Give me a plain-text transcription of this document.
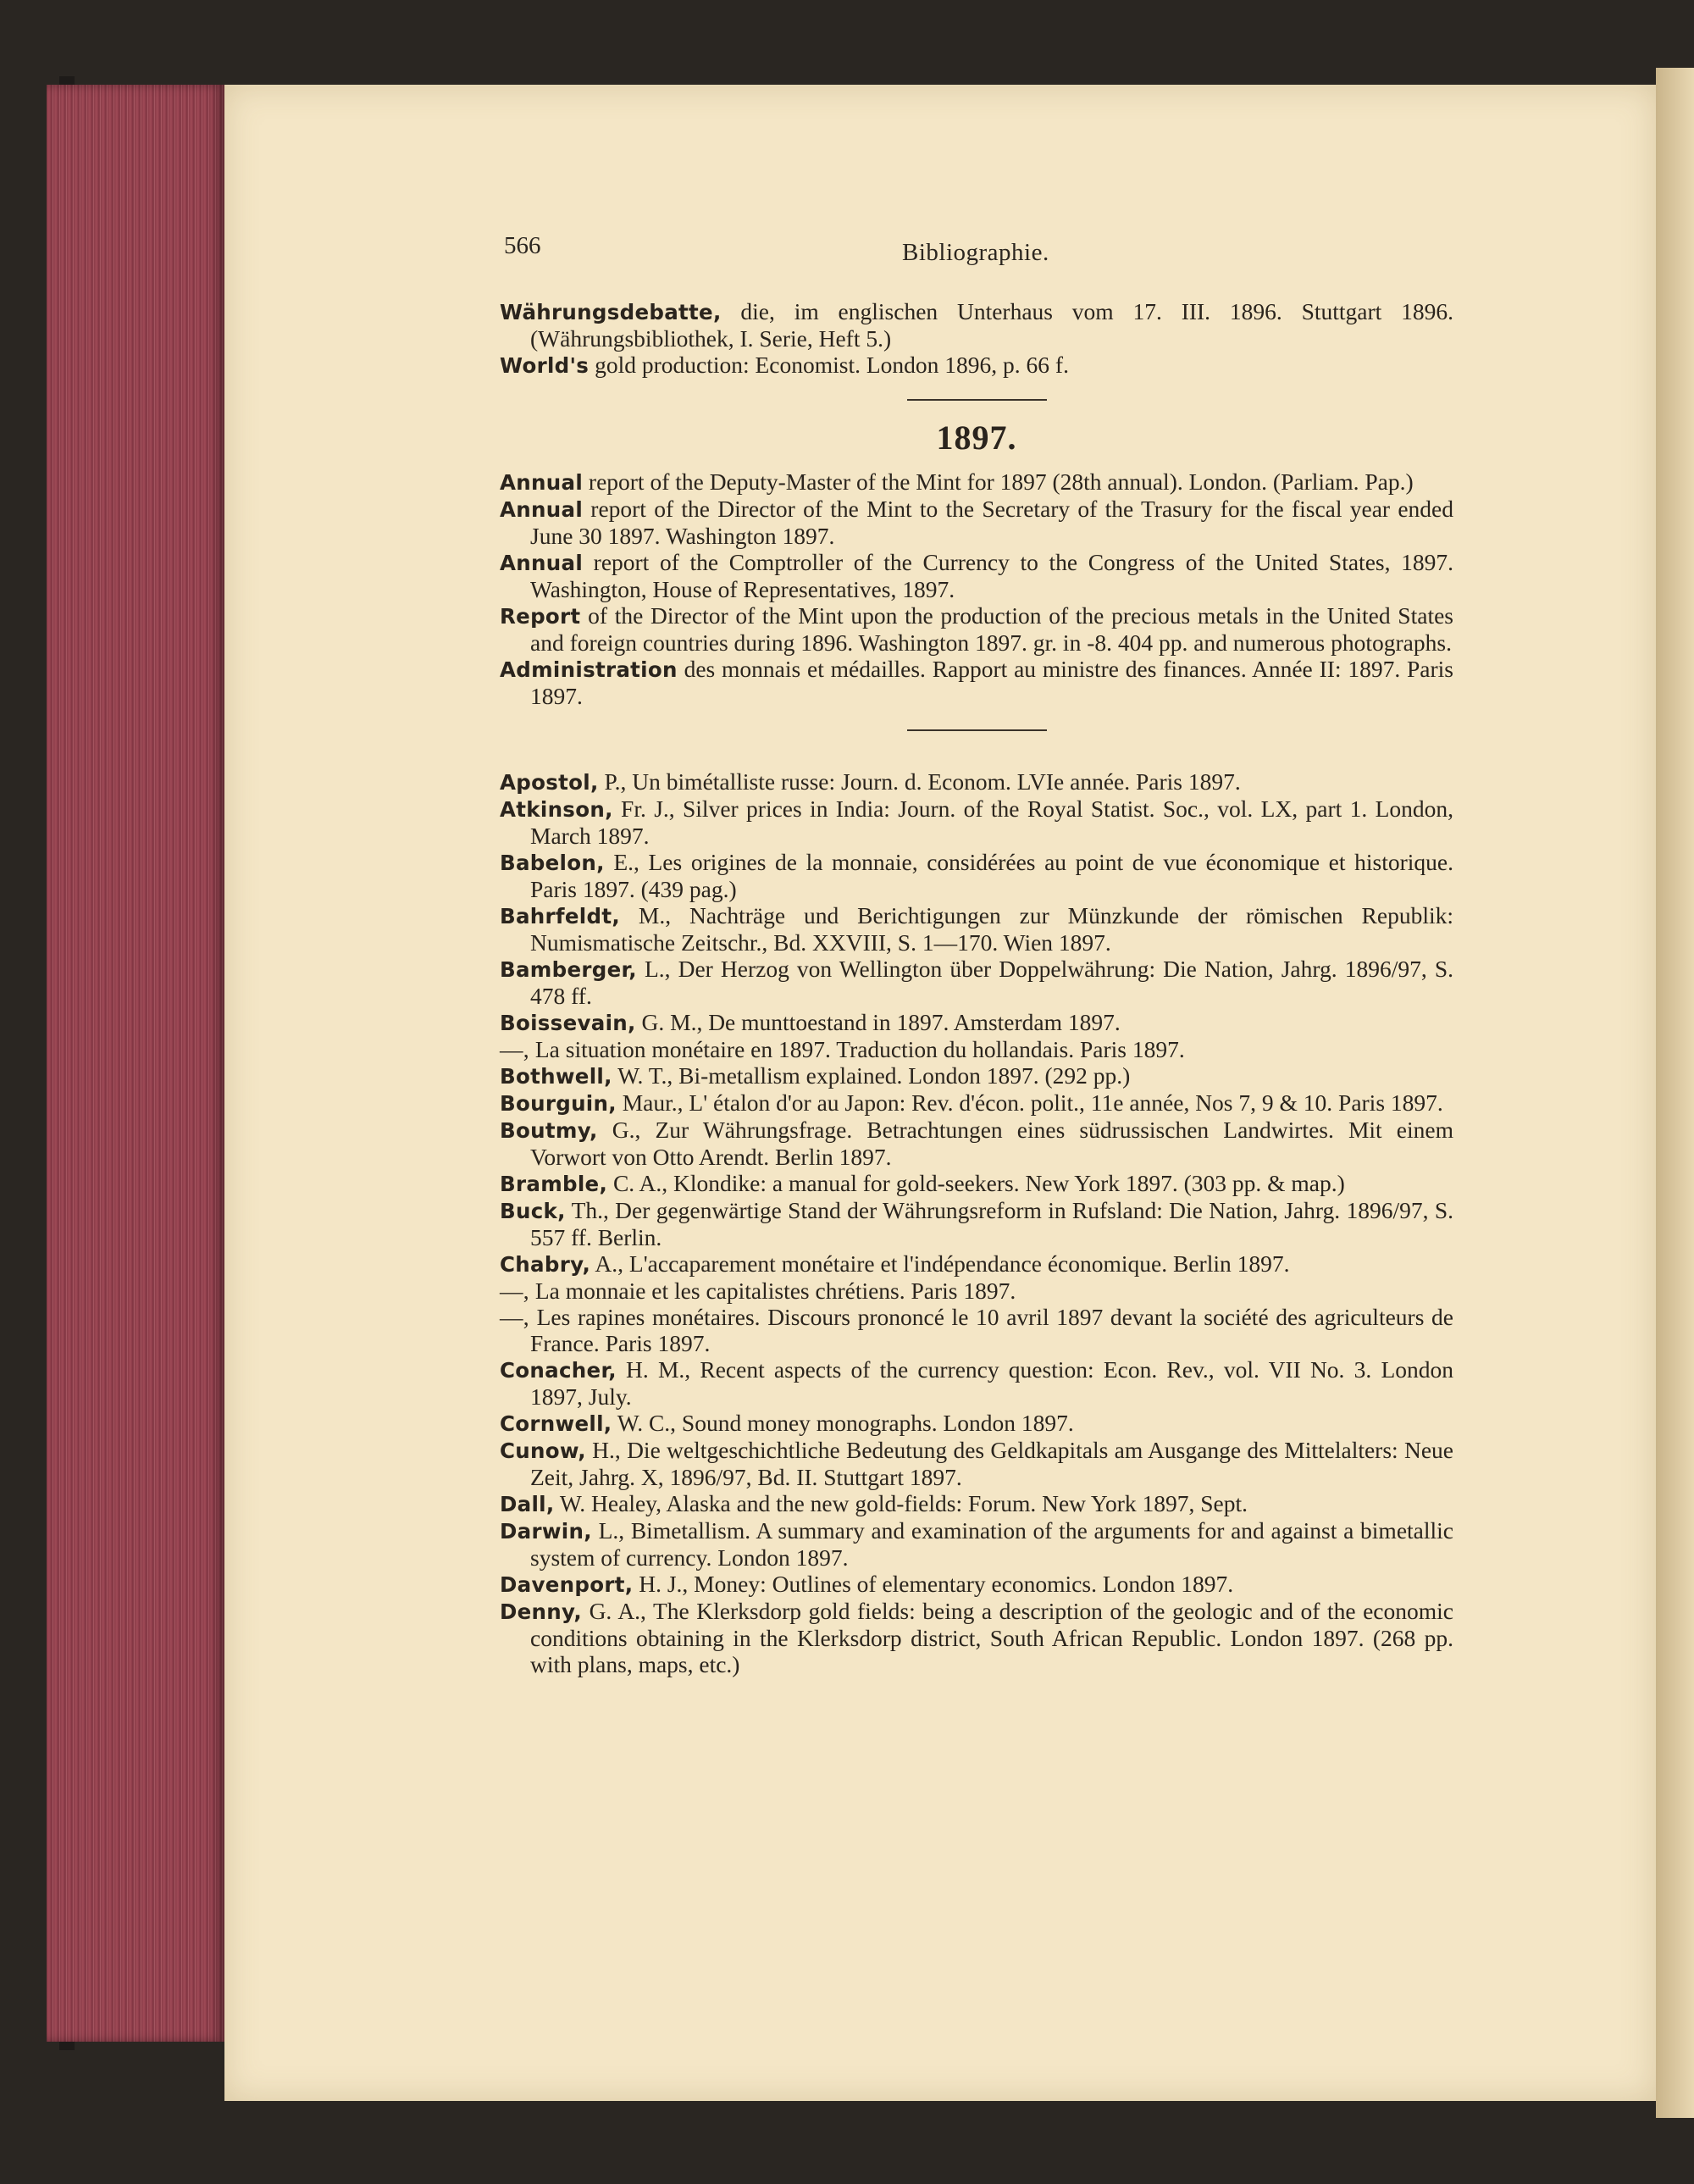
566	Bibliographie.
Währungsdebatte, die, im englischen Unterhaus vom 17. III. 1896. Stuttgart 1896. (Währungsbibliothek, I. Serie, Heft 5.)
World's gold production: Economist. London 1896, p. 66 f.
1897.
Annual report of the Deputy-Master of the Mint for 1897 (28th annual). London. (Parliam. Pap.)
Annual report of the Director of the Mint to the Secretary of the Trasury for the fiscal year ended June 30 1897. Washington 1897.
Annual report of the Comptroller of the Currency to the Congress of the United States, 1897. Washington, House of Representatives, 1897.
Report of the Director of the Mint upon the production of the precious metals in the United States and foreign countries during 1896. Washington 1897. gr. in -8. 404 pp. and numerous photographs.
Administration des monnais et médailles. Rapport au ministre des finances. Année II: 1897. Paris 1897.
Apostol, P., Un bimétalliste russe: Journ. d. Econom. LVIe année. Paris 1897.
Atkinson, Fr. J., Silver prices in India: Journ. of the Royal Statist. Soc., vol. LX, part 1. London, March 1897.
Babelon, E., Les origines de la monnaie, considérées au point de vue économique et historique. Paris 1897. (439 pag.)
Bahrfeldt, M., Nachträge und Berichtigungen zur Münzkunde der römischen Republik: Numismatische Zeitschr., Bd. XXVIII, S. 1—170. Wien 1897.
Bamberger, L., Der Herzog von Wellington über Doppelwährung: Die Nation, Jahrg. 1896/97, S. 478 ff.
Boissevain, G. M., De munttoestand in 1897. Amsterdam 1897.
—, La situation monétaire en 1897. Traduction du hollandais. Paris 1897.
Bothwell, W. T., Bi-metallism explained. London 1897. (292 pp.)
Bourguin, Maur., L' étalon d'or au Japon: Rev. d'écon. polit., 11e année, Nos 7, 9 & 10. Paris 1897.
Boutmy, G., Zur Währungsfrage. Betrachtungen eines südrussischen Landwirtes. Mit einem Vorwort von Otto Arendt. Berlin 1897.
Bramble, C. A., Klondike: a manual for gold-seekers. New York 1897. (303 pp. & map.)
Buck, Th., Der gegenwärtige Stand der Währungsreform in Rufsland: Die Nation, Jahrg. 1896/97, S. 557 ff. Berlin.
Chabry, A., L'accaparement monétaire et l'indépendance économique. Berlin 1897.
—, La monnaie et les capitalistes chrétiens. Paris 1897.
—, Les rapines monétaires. Discours prononcé le 10 avril 1897 devant la société des agriculteurs de France. Paris 1897.
Conacher, H. M., Recent aspects of the currency question: Econ. Rev., vol. VII No. 3. London 1897, July.
Cornwell, W. C., Sound money monographs. London 1897.
Cunow, H., Die weltgeschichtliche Bedeutung des Geldkapitals am Ausgange des Mittelalters: Neue Zeit, Jahrg. X, 1896/97, Bd. II. Stuttgart 1897.
Dall, W. Healey, Alaska and the new gold-fields: Forum. New York 1897, Sept.
Darwin, L., Bimetallism. A summary and examination of the arguments for and against a bimetallic system of currency. London 1897.
Davenport, H. J., Money: Outlines of elementary economics. London 1897.
Denny, G. A., The Klerksdorp gold fields: being a description of the geologic and of the economic conditions obtaining in the Klerksdorp district, South African Republic. London 1897. (268 pp. with plans, maps, etc.)
